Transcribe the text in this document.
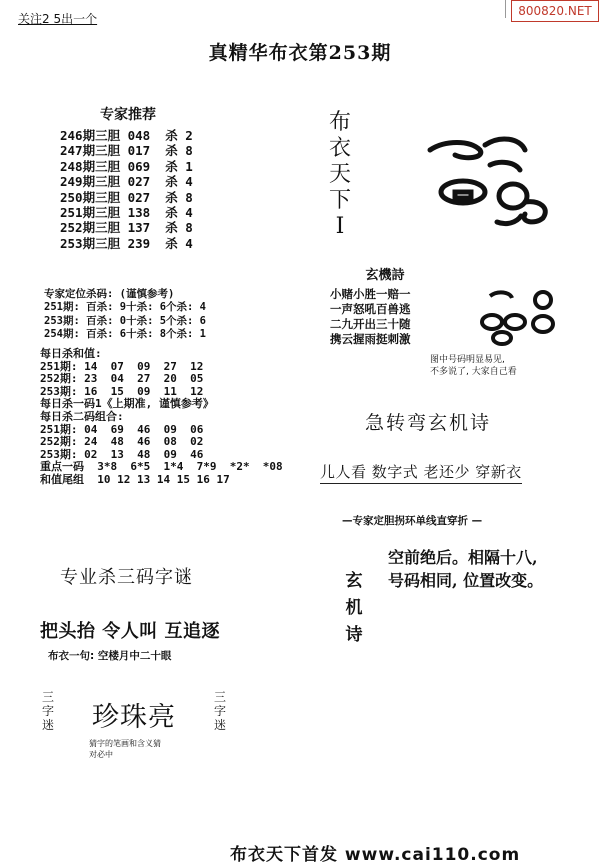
关注2 5出一个
800820.NET
真精华布衣第253期
专家推荐
246期三胆 048  杀 2
247期三胆 017  杀 8
248期三胆 069  杀 1
249期三胆 027  杀 4
250期三胆 027  杀 8
251期三胆 138  杀 4
252期三胆 137  杀 8
253期三胆 239  杀 4
专家定位杀码: (谨慎参考)
251期: 百杀: 9十杀: 6个杀: 4
253期: 百杀: 0十杀: 5个杀: 6
254期: 百杀: 6十杀: 8个杀: 1
每日杀和值:
251期: 14  07  09  27  12
252期: 23  04  27  20  05
253期: 16  15  09  11  12
每日杀一码1《上期准, 谨慎参考》
每日杀二码组合:
251期: 04  69  46  09  06
252期: 24  48  46  08  02
253期: 02  13  48  09  46
重点一码  3*8  6*5  1*4  7*9  *2*  *08
和值尾组  10 12 13 14 15 16 17
布衣天下I
玄機詩
小赌小胜一赔一
一声怒吼百兽逃
二九开出三十随
携云握雨挺刺激
图中号码明显易见,
不多说了, 大家自己看
急转弯玄机诗
儿人看 数字式 老还少 穿新衣
—专家定胆拐环单线直穿折 —
玄机诗
空前绝后。相隔十八,
号码相同, 位置改变。
专业杀三码字谜
把头抬 令人叫 互追逐
布衣一句: 空楼月中二十眼
三字迷 珍珠亮
三字迷
猜字的笔画和含义猜
对必中
布衣天下首发 www.cai110.com
